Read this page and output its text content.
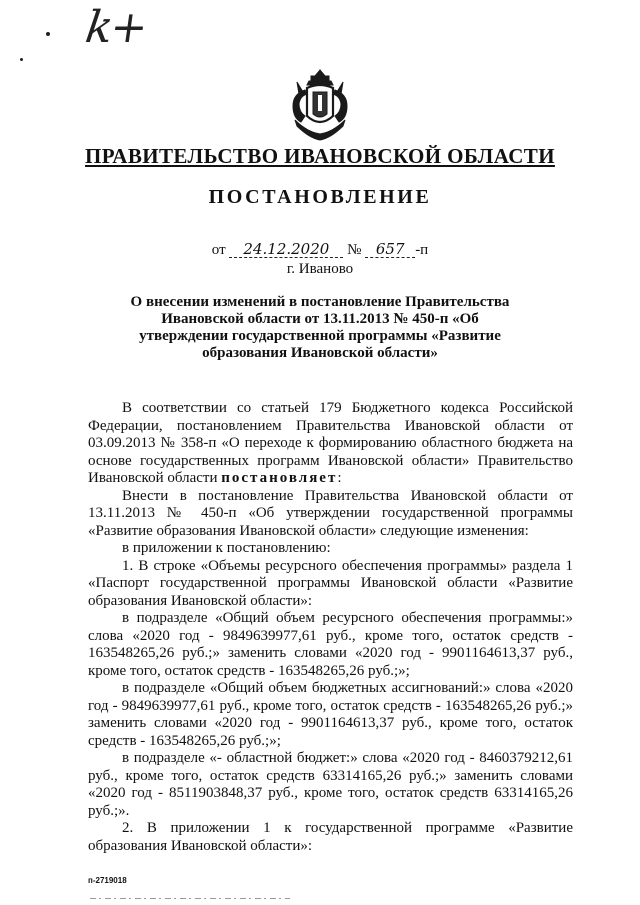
k+
ПРАВИТЕЛЬСТВО ИВАНОВСКОЙ ОБЛАСТИ
ПОСТАНОВЛЕНИЕ
от 24.12.2020 № 657 -п
г. Иваново
О внесении изменений в постановление Правительства Ивановской области от 13.11.2013 № 450-п «Об утверждении государственной программы «Развитие образования Ивановской области»

В соответствии со статьей 179 Бюджетного кодекса Российской Федерации, постановлением Правительства Ивановской области от 03.09.2013 № 358-п «О переходе к формированию областного бюджета на основе государственных программ Ивановской области» Правительство Ивановской области постановляет:

Внести в постановление Правительства Ивановской области от 13.11.2013 № 450-п «Об утверждении государственной программы «Развитие образования Ивановской области» следующие изменения:

в приложении к постановлению:

1. В строке «Объемы ресурсного обеспечения программы» раздела 1 «Паспорт государственной программы Ивановской области «Развитие образования Ивановской области»:

в подразделе «Общий объем ресурсного обеспечения программы:» слова «2020 год - 9849639977,61 руб., кроме того, остаток средств - 163548265,26 руб.;» заменить словами «2020 год - 9901164613,37 руб., кроме того, остаток средств - 163548265,26 руб.;»;

в подразделе «Общий объем бюджетных ассигнований:» слова «2020 год - 9849639977,61 руб., кроме того, остаток средств - 163548265,26 руб.;» заменить словами «2020 год - 9901164613,37 руб., кроме того, остаток средств - 163548265,26 руб.;»;

в подразделе «- областной бюджет:» слова «2020 год - 8460379212,61 руб., кроме того, остаток средств 63314165,26 руб.;» заменить словами «2020 год - 8511903848,37 руб., кроме того, остаток средств 63314165,26 руб.;».

2. В приложении 1 к государственной программе «Развитие образования Ивановской области»:

п-2719018
